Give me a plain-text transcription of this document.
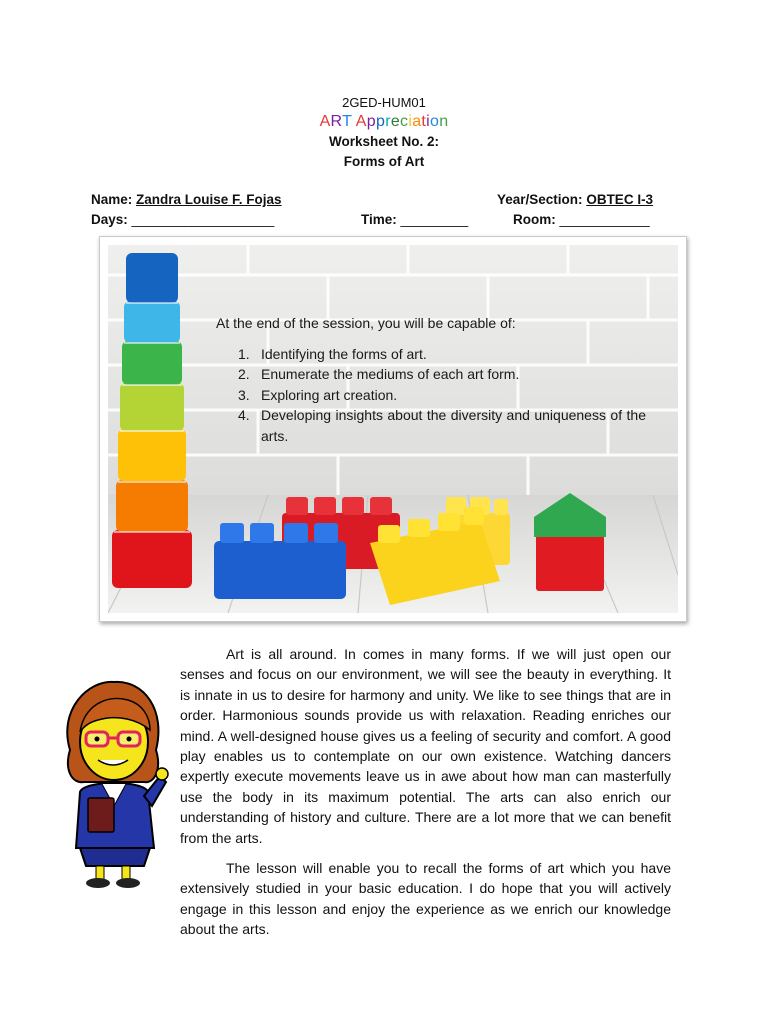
2GED-HUM01
ART Appreciation
Worksheet No. 2:
Forms of Art
Name: Zandra Louise F. Fojas	Year/Section: OBTEC I-3
Days: ___________________	Time: _________	Room: ____________

At the end of the session, you will be capable of:

1. Identifying the forms of art.
2. Enumerate the mediums of each art form.
3. Exploring art creation.
4. Developing insights about the diversity and uniqueness of the arts.

Art is all around. In comes in many forms. If we will just open our senses and focus on our environment, we will see the beauty in everything. It is innate in us to desire for harmony and unity. We like to see things that are in order. Harmonious sounds provide us with relaxation. Reading enriches our mind. A well-designed house gives us a feeling of security and comfort. A good play enables us to contemplate on our own existence. Watching dancers expertly execute movements leave us in awe about how man can masterfully use the body in its maximum potential. The arts can also enrich our understanding of history and culture. There are a lot more that we can benefit from the arts.

The lesson will enable you to recall the forms of art which you have extensively studied in your basic education. I do hope that you will actively engage in this lesson and enjoy the experience as we enrich our knowledge about the arts.
